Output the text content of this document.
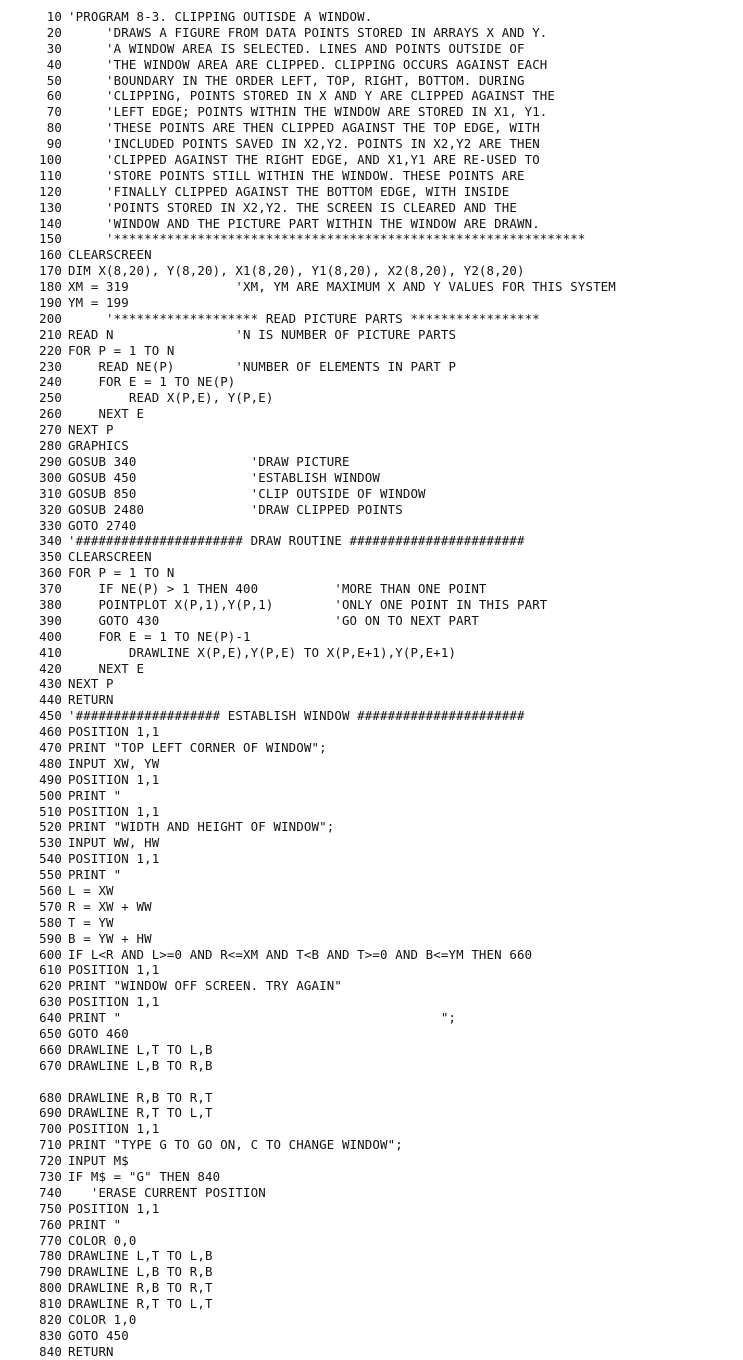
10 'PROGRAM 8-3. CLIPPING OUTISDE A WINDOW.
20 'DRAWS A FIGURE FROM DATA POINTS STORED IN ARRAYS X AND Y.
30 'A WINDOW AREA IS SELECTED. LINES AND POINTS OUTSIDE OF
40 'THE WINDOW AREA ARE CLIPPED. CLIPPING OCCURS AGAINST EACH
50 'BOUNDARY IN THE ORDER LEFT, TOP, RIGHT, BOTTOM. DURING
60 'CLIPPING, POINTS STORED IN X AND Y ARE CLIPPED AGAINST THE
70 'LEFT EDGE; POINTS WITHIN THE WINDOW ARE STORED IN X1, Y1.
80 'THESE POINTS ARE THEN CLIPPED AGAINST THE TOP EDGE, WITH
90 'INCLUDED POINTS SAVED IN X2,Y2. POINTS IN X2,Y2 ARE THEN
100 'CLIPPED AGAINST THE RIGHT EDGE, AND X1,Y1 ARE RE-USED TO
110 'STORE POINTS STILL WITHIN THE WINDOW. THESE POINTS ARE
120 'FINALLY CLIPPED AGAINST THE BOTTOM EDGE, WITH INSIDE
130 'POINTS STORED IN X2,Y2. THE SCREEN IS CLEARED AND THE
140 'WINDOW AND THE PICTURE PART WITHIN THE WINDOW ARE DRAWN.
150 '**************************************************************
160 CLEARSCREEN
170 DIM X(8,20), Y(8,20), X1(8,20), Y1(8,20), X2(8,20), Y2(8,20)
180 XM = 319              'XM, YM ARE MAXIMUM X AND Y VALUES FOR THIS SYSTEM
190 YM = 199
200 '******************* READ PICTURE PARTS *****************
210 READ N                'N IS NUMBER OF PICTURE PARTS
220 FOR P = 1 TO N
230 READ NE(P)        'NUMBER OF ELEMENTS IN PART P
240 FOR E = 1 TO NE(P)
250 READ X(P,E), Y(P,E)
260 NEXT E
270 NEXT P
280 GRAPHICS
290 GOSUB 340               'DRAW PICTURE
300 GOSUB 450               'ESTABLISH WINDOW
310 GOSUB 850               'CLIP OUTSIDE OF WINDOW
320 GOSUB 2480              'DRAW CLIPPED POINTS
330 GOTO 2740
340 '###################### DRAW ROUTINE #######################
350 CLEARSCREEN
360 FOR P = 1 TO N
370 IF NE(P) > 1 THEN 400          'MORE THAN ONE POINT
380 POINTPLOT X(P,1),Y(P,1)        'ONLY ONE POINT IN THIS PART
390 GOTO 430                       'GO ON TO NEXT PART
400 FOR E = 1 TO NE(P)-1
410 DRAWLINE X(P,E),Y(P,E) TO X(P,E+1),Y(P,E+1)
420 NEXT E
430 NEXT P
440 RETURN
450 '################### ESTABLISH WINDOW ######################
460 POSITION 1,1
470 PRINT "TOP LEFT CORNER OF WINDOW";
480 INPUT XW, YW
490 POSITION 1,1
500 PRINT "
510 POSITION 1,1
520 PRINT "WIDTH AND HEIGHT OF WINDOW";
530 INPUT WW, HW
540 POSITION 1,1
550 PRINT "
560 L = XW
570 R = XW + WW
580 T = YW
590 B = YW + HW
600 IF L<R AND L>=0 AND R<=XM AND T<B AND T>=0 AND B<=YM THEN 660
610 POSITION 1,1
620 PRINT "WINDOW OFF SCREEN. TRY AGAIN"
630 POSITION 1,1
640 PRINT "                                          ";
650 GOTO 460
660 DRAWLINE L,T TO L,B
670 DRAWLINE L,B TO R,B
680 DRAWLINE R,B TO R,T
690 DRAWLINE R,T TO L,T
700 POSITION 1,1
710 PRINT "TYPE G TO GO ON, C TO CHANGE WINDOW";
720 INPUT M$
730 IF M$ = "G" THEN 840
740 'ERASE CURRENT POSITION
750 POSITION 1,1
760 PRINT "
770 COLOR 0,0
780 DRAWLINE L,T TO L,B
790 DRAWLINE L,B TO R,B
800 DRAWLINE R,B TO R,T
810 DRAWLINE R,T TO L,T
820 COLOR 1,0
830 GOTO 450
840 RETURN
